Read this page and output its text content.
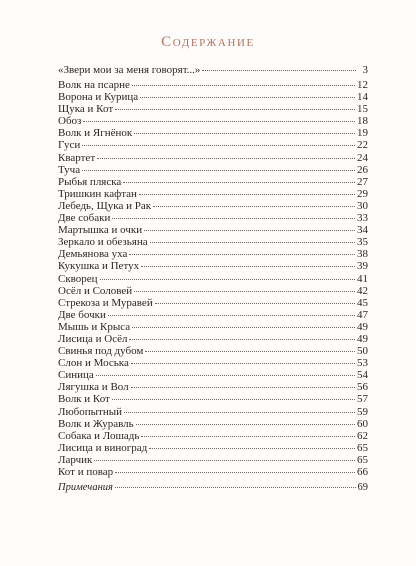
Содержание
«Звери мои за меня говорят...»	3
Волк на псарне	12
Ворона и Курица	14
Щука и Кот	15
Обоз	18
Волк и Ягнёнок	19
Гуси	22
Квартет	24
Туча	26
Рыбья пляска	27
Тришкин кафтан	29
Лебедь, Щука и Рак	30
Две собаки	33
Мартышка и очки	34
Зеркало и обезьяна	35
Демьянова уха	38
Кукушка и Петух	39
Скворец	41
Осёл и Соловей	42
Стрекоза и Муравей	45
Две бочки	47
Мышь и Крыса	49
Лисица и Осёл	49
Свинья под дубом	50
Слон и Моська	53
Синица	54
Лягушка и Вол	56
Волк и Кот	57
Любопытный	59
Волк и Журавль	60
Собака и Лошадь	62
Лисица и виноград	65
Ларчик	65
Кот и повар	66
Примечания	69
